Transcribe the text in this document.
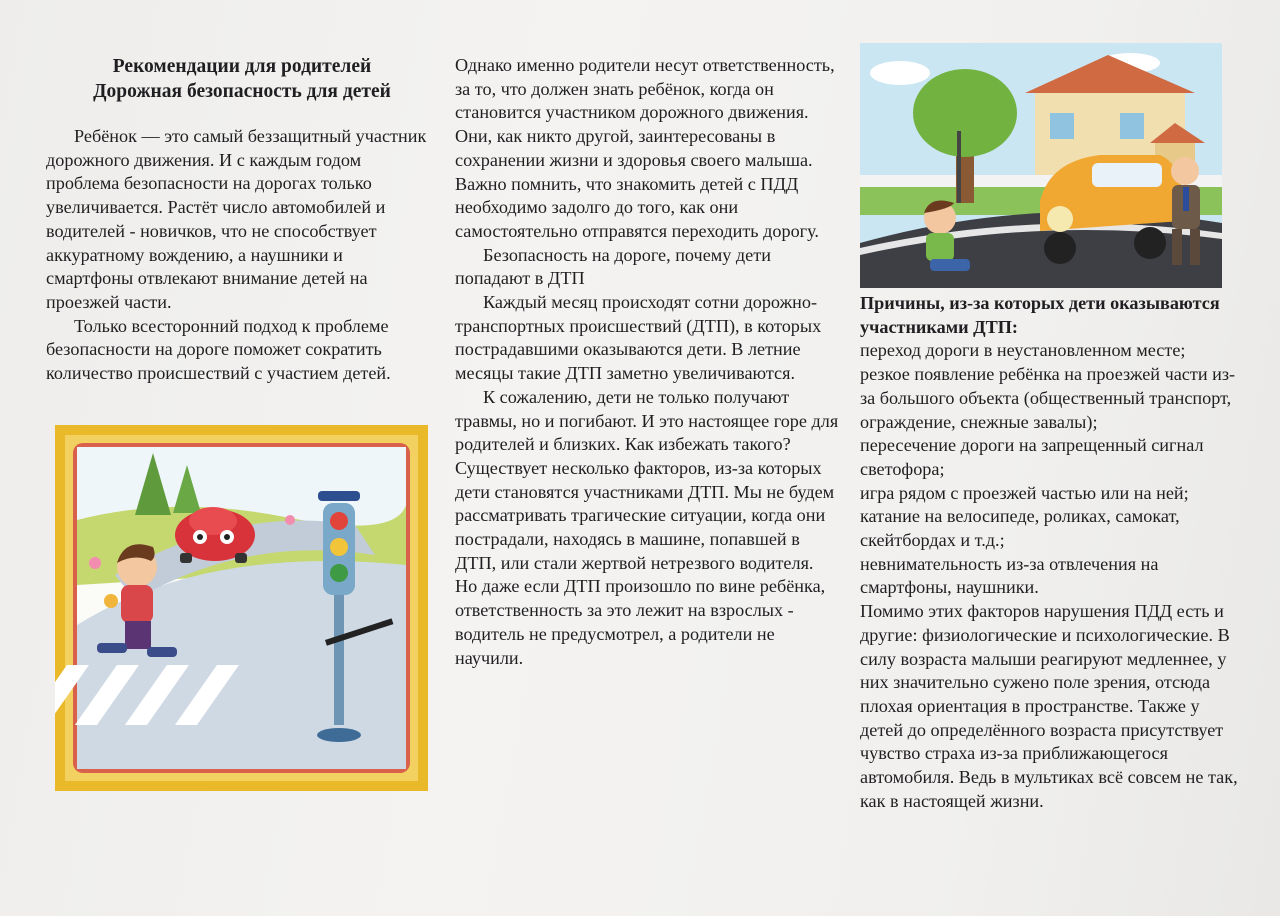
Рекомендации для родителей
Дорожная безопасность для детей

Ребёнок — это самый беззащитный участник дорожного движения. И с каждым годом проблема безопасности на дорогах только увеличивается. Растёт число автомобилей и водителей - новичков, что не способствует аккуратному вождению, а наушники и смартфоны отвлекают внимание детей на проезжей части.

Только всесторонний подход к проблеме безопасности на дороге поможет сократить количество происшествий с участием детей.

Однако именно родители несут ответственность, за то, что должен знать ребёнок, когда он становится участником дорожного движения. Они, как никто другой, заинтересованы в сохранении жизни и здоровья своего малыша. Важно помнить, что знакомить детей с ПДД необходимо задолго до того, как они самостоятельно отправятся переходить дорогу.

Безопасность на дороге, почему дети попадают в ДТП

Каждый месяц происходят сотни дорожно-транспортных происшествий (ДТП), в которых пострадавшими оказываются дети. В летние месяцы такие ДТП заметно увеличиваются.

К сожалению, дети не только получают травмы, но и погибают. И это настоящее горе для родителей и близких. Как избежать такого? Существует несколько факторов, из-за которых дети становятся участниками ДТП. Мы не будем рассматривать трагические ситуации, когда они пострадали, находясь в машине, попавшей в ДТП, или стали жертвой нетрезвого водителя. Но даже если ДТП произошло по вине ребёнка, ответственность за это лежит на взрослых - водитель не предусмотрел, а родители не научили.

Причины, из-за которых дети оказываются участниками ДТП:

переход дороги в неустановленном месте;

резкое появление ребёнка на проезжей части из-за большого объекта (общественный транспорт, ограждение, снежные завалы);

пересечение дороги на запрещенный сигнал светофора;

игра рядом с проезжей частью или на ней;

катание на велосипеде, роликах, самокат, скейтбордах и т.д.;

невнимательность из-за отвлечения на смартфоны, наушники.

Помимо этих факторов нарушения ПДД есть и другие: физиологические и психологические. В силу возраста малыши реагируют медленнее, у них значительно сужено поле зрения, отсюда плохая ориентация в пространстве. Также у детей до определённого возраста присутствует чувство страха из-за приближающегося автомобиля. Ведь в мультиках всё совсем не так, как в настоящей жизни.
